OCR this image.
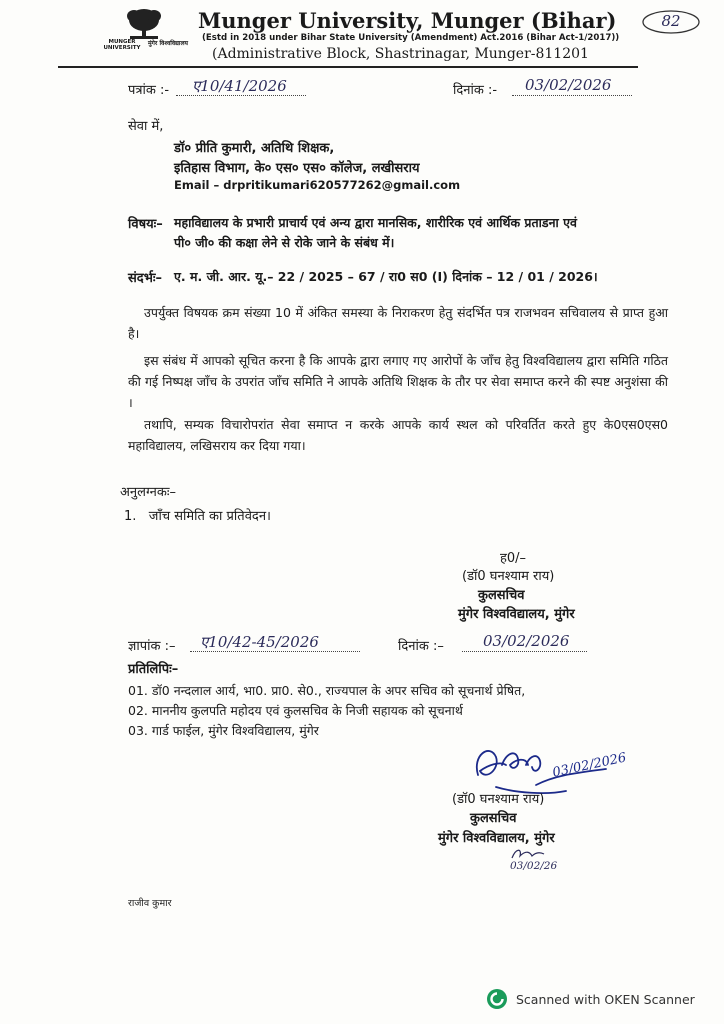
MUNGER UNIVERSITY
मुंगेर विश्वविद्यालय
Munger University, Munger (Bihar)
(Estd in 2018 under Bihar State University (Amendment) Act.2016 (Bihar Act-1/2017))
(Administrative Block, Shastrinagar, Munger-811201
82
पत्रांक :- ए10/41/2026	दिनांक :- 03/02/2026
सेवा में,
डॉ० प्रीति कुमारी, अतिथि शिक्षक,
इतिहास विभाग, के० एस० एस० कॉलेज, लखीसराय
Email – drpritikumari620577262@gmail.com
विषयः– महाविद्यालय के प्रभारी प्राचार्य एवं अन्य द्वारा मानसिक, शारीरिक एवं आर्थिक प्रताडना एवं
पी० जी० की कक्षा लेने से रोके जाने के संबंध में।
संदर्भः– ए. म. जी. आर. यू.– 22 / 2025 – 67 / रा0 स0 (I) दिनांक – 12 / 01 / 2026।
उपर्युक्त विषयक क्रम संख्या 10 में अंकित समस्या के निराकरण हेतु संदर्भित पत्र राजभवन सचिवालय से प्राप्त हुआ है।
इस संबंध में आपको सूचित करना है कि आपके द्वारा लगाए गए आरोपों के जाँच हेतु विश्वविद्यालय द्वारा समिति गठित की गई निष्पक्ष जाँच के उपरांत जाँच समिति ने आपके अतिथि शिक्षक के तौर पर सेवा समाप्त करने की स्पष्ट अनुशंसा की ।
तथापि, सम्यक विचारोपरांत सेवा समाप्त न करके आपके कार्य स्थल को परिवर्तित करते हुए के0एस0एस0 महाविद्यालय, लखिसराय कर दिया गया।
अनुलग्नकः–
1.   जाँच समिति का प्रतिवेदन।
ह0/–
(डॉ0 घनश्याम राय)
कुलसचिव
मुंगेर विश्वविद्यालय, मुंगेर
ज्ञापांक :– ए10/42-45/2026	दिनांक :–	03/02/2026
प्रतिलिपिः–
01. डॉ0 नन्दलाल आर्य, भा0. प्रा0. से0., राज्यपाल के अपर सचिव को सूचनार्थ प्रेषित,
02. माननीय कुलपति महोदय एवं कुलसचिव के निजी सहायक को सूचनार्थ
03. गार्ड फाईल, मुंगेर विश्वविद्यालय, मुंगेर
03/02/2026
(डॉ0 घनश्याम राय)
कुलसचिव
मुंगेर विश्वविद्यालय, मुंगेर
03/02/26
राजीव कुमार
Scanned with OKEN Scanner
